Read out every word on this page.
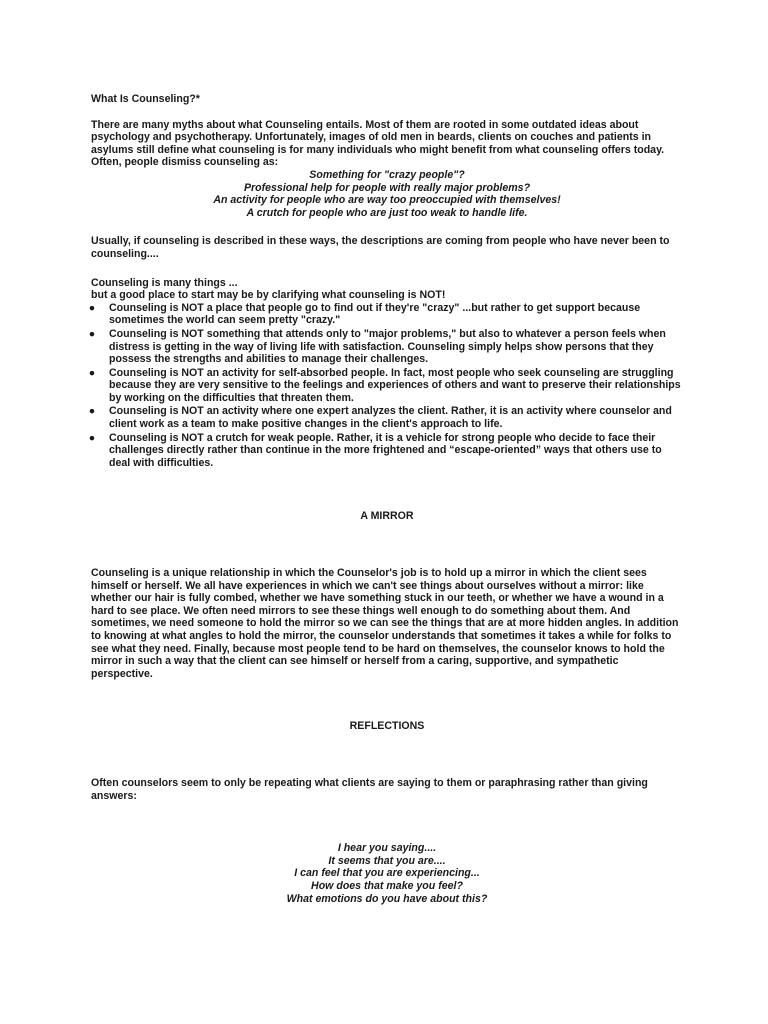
What Is Counseling?*

There are many myths about what Counseling entails. Most of them are rooted in some outdated ideas about psychology and psychotherapy. Unfortunately, images of old men in beards, clients on couches and patients in asylums still define what counseling is for many individuals who might benefit from what counseling offers today. Often, people dismiss counseling as:

Something for "crazy people"?

Professional help for people with really major problems?

An activity for people who are way too preoccupied with themselves!

A crutch for people who are just too weak to handle life.

Usually, if counseling is described in these ways, the descriptions are coming from people who have never been to counseling....

Counseling is many things ...

but a good place to start may be by clarifying what counseling is NOT!

● Counseling is NOT a place that people go to find out if they're "crazy" ...but rather to get support because sometimes the world can seem pretty "crazy."
● Counseling is NOT something that attends only to "major problems," but also to whatever a person feels when distress is getting in the way of living life with satisfaction. Counseling simply helps show persons that they possess the strengths and abilities to manage their challenges.
● Counseling is NOT an activity for self-absorbed people. In fact, most people who seek counseling are struggling because they are very sensitive to the feelings and experiences of others and want to preserve their relationships by working on the difficulties that threaten them.
● Counseling is NOT an activity where one expert analyzes the client. Rather, it is an activity where counselor and client work as a team to make positive changes in the client's approach to life.
● Counseling is NOT a crutch for weak people. Rather, it is a vehicle for strong people who decide to face their challenges directly rather than continue in the more frightened and “escape-oriented” ways that others use to deal with difficulties.

A MIRROR

Counseling is a unique relationship in which the Counselor's job is to hold up a mirror in which the client sees himself or herself. We all have experiences in which we can't see things about ourselves without a mirror: like whether our hair is fully combed, whether we have something stuck in our teeth, or whether we have a wound in a hard to see place. We often need mirrors to see these things well enough to do something about them. And sometimes, we need someone to hold the mirror so we can see the things that are at more hidden angles. In addition to knowing at what angles to hold the mirror, the counselor understands that sometimes it takes a while for folks to see what they need. Finally, because most people tend to be hard on themselves, the counselor knows to hold the mirror in such a way that the client can see himself or herself from a caring, supportive, and sympathetic perspective.

REFLECTIONS

Often counselors seem to only be repeating what clients are saying to them or paraphrasing rather than giving answers:

I hear you saying....

It seems that you are....

I can feel that you are experiencing...

How does that make you feel?

What emotions do you have about this?
